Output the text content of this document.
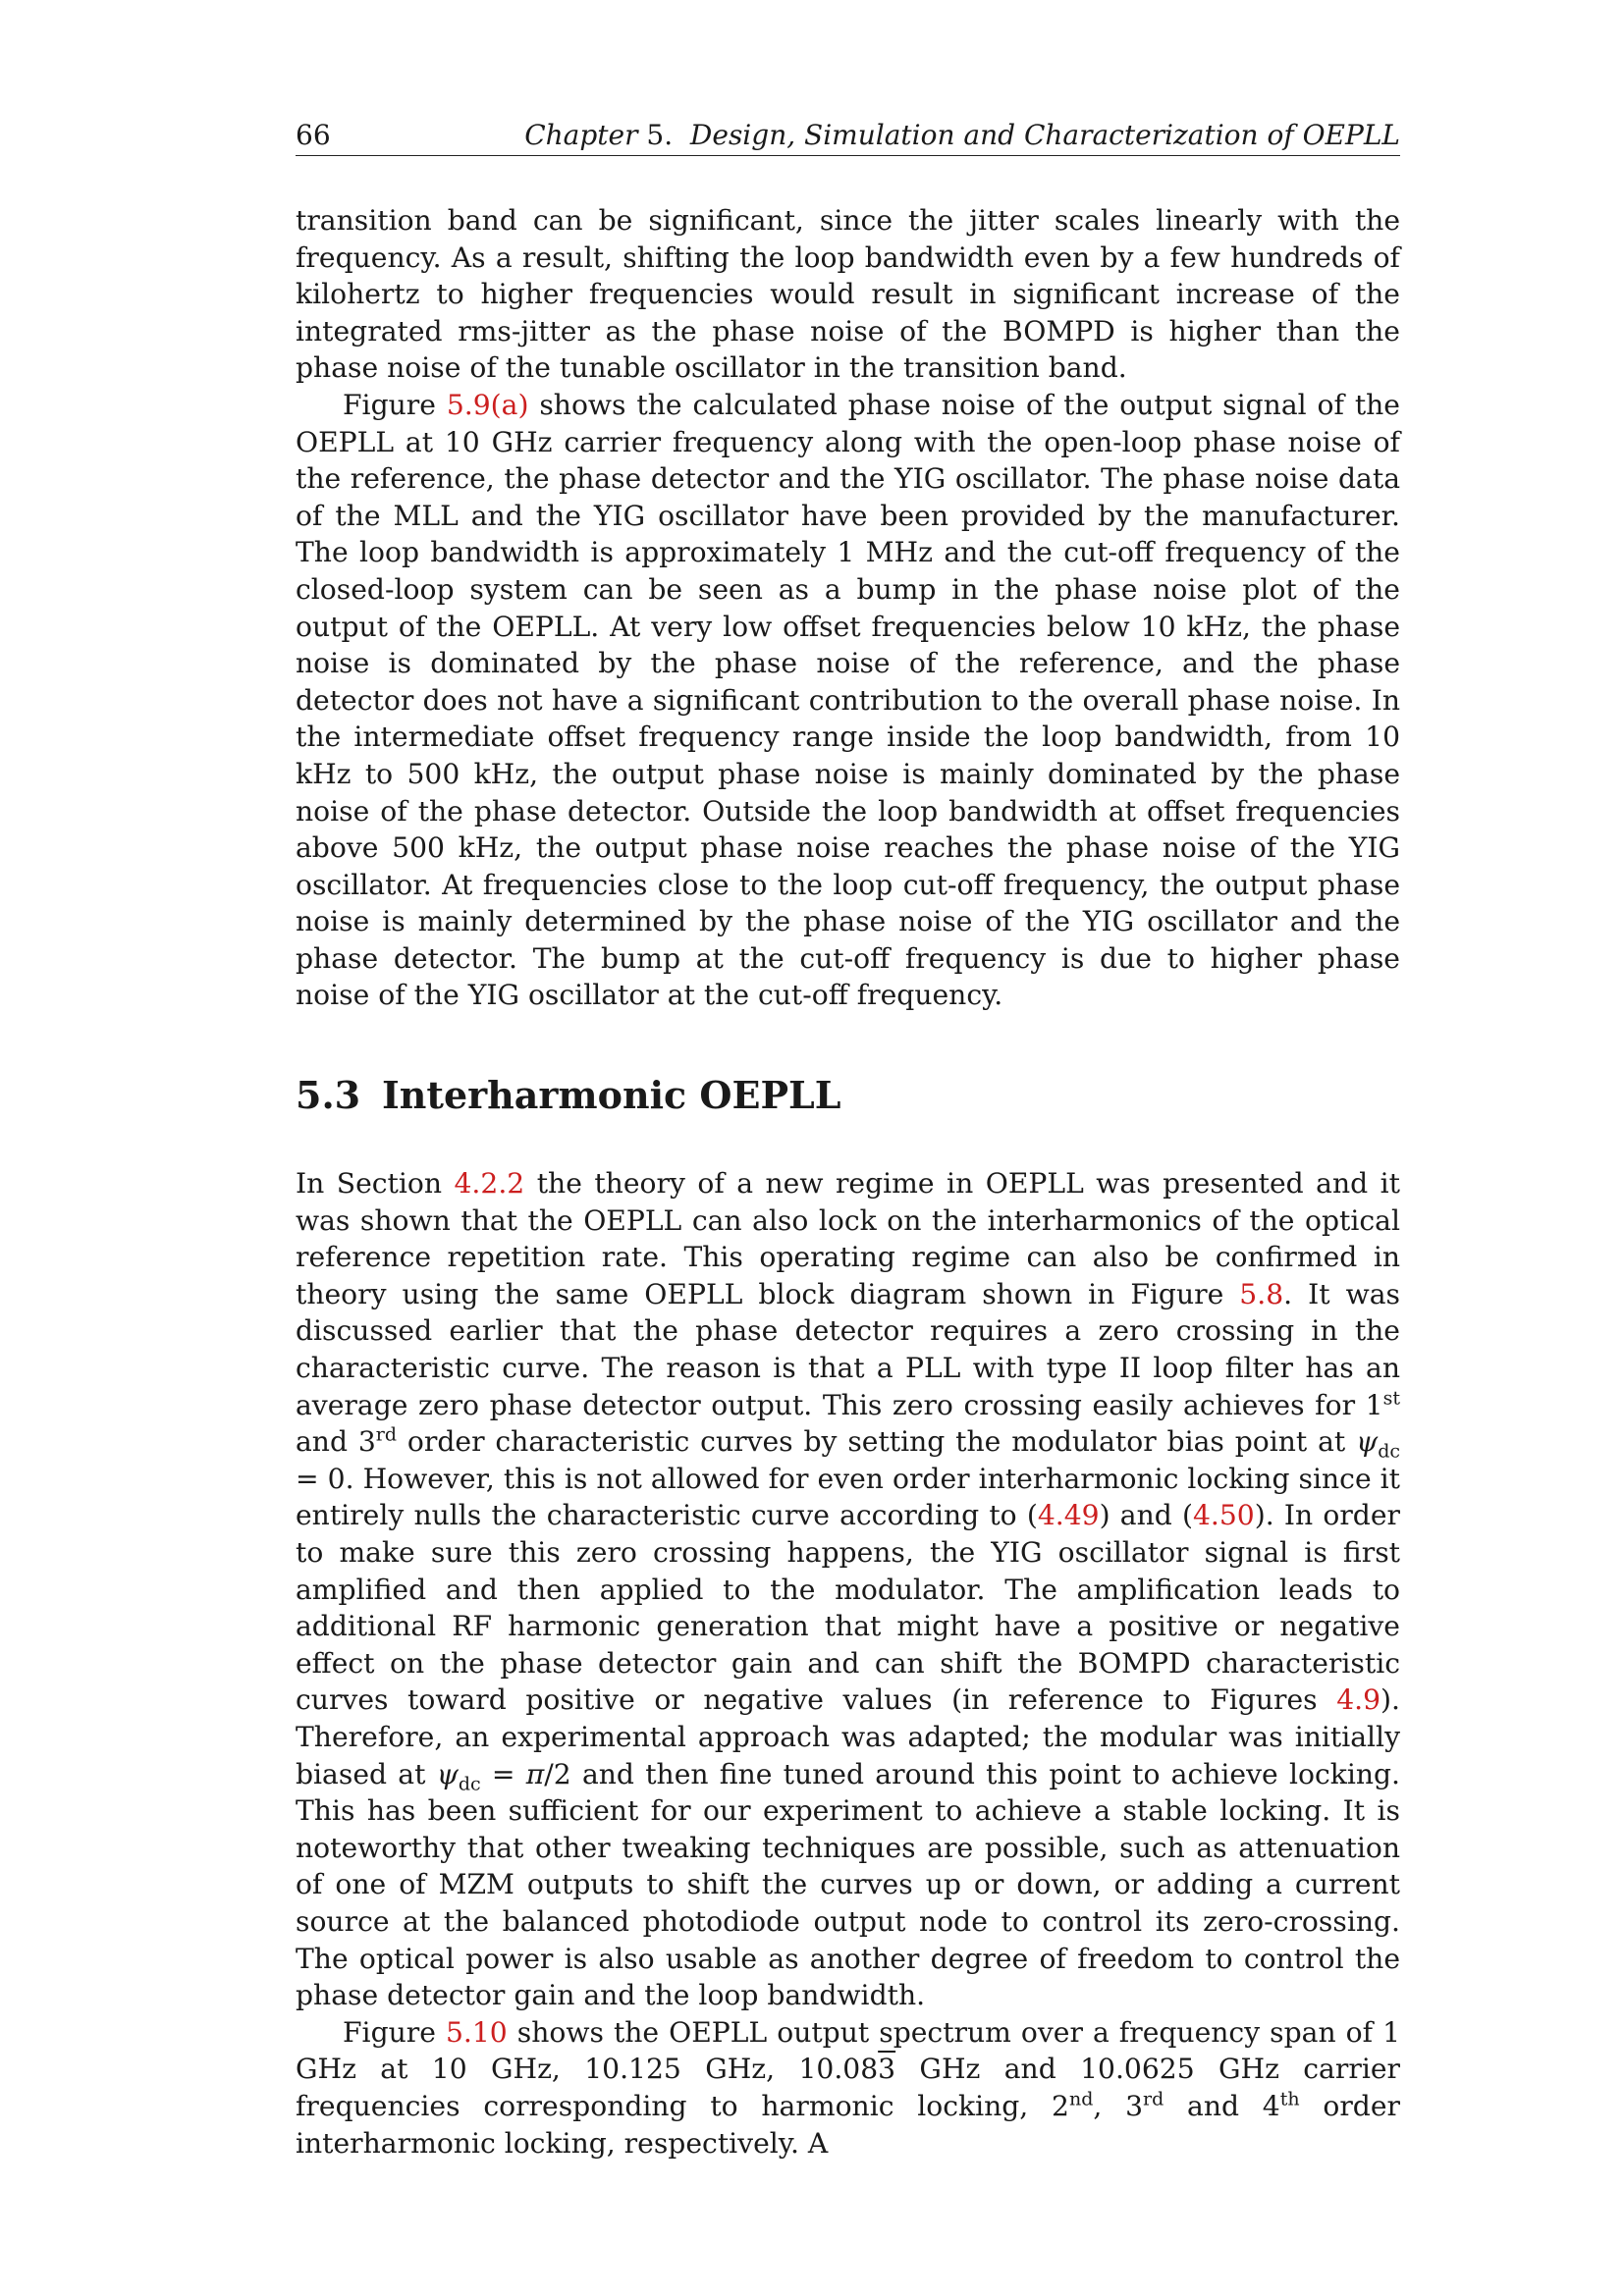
66	Chapter 5. Design, Simulation and Characterization of OEPLL

transition band can be significant, since the jitter scales linearly with the frequency. As a result, shifting the loop bandwidth even by a few hundreds of kilohertz to higher frequencies would result in significant increase of the integrated rms-jitter as the phase noise of the BOMPD is higher than the phase noise of the tunable oscillator in the transition band.

Figure 5.9(a) shows the calculated phase noise of the output signal of the OEPLL at 10 GHz carrier frequency along with the open-loop phase noise of the reference, the phase detector and the YIG oscillator. The phase noise data of the MLL and the YIG oscillator have been provided by the manufacturer. The loop bandwidth is approximately 1 MHz and the cut-off frequency of the closed-loop system can be seen as a bump in the phase noise plot of the output of the OEPLL. At very low offset frequencies below 10 kHz, the phase noise is dominated by the phase noise of the reference, and the phase detector does not have a significant contribution to the overall phase noise. In the intermediate offset frequency range inside the loop bandwidth, from 10 kHz to 500 kHz, the output phase noise is mainly dominated by the phase noise of the phase detector. Outside the loop bandwidth at offset frequencies above 500 kHz, the output phase noise reaches the phase noise of the YIG oscillator. At frequencies close to the loop cut-off frequency, the output phase noise is mainly determined by the phase noise of the YIG oscillator and the phase detector. The bump at the cut-off frequency is due to higher phase noise of the YIG oscillator at the cut-off frequency.

5.3 Interharmonic OEPLL

In Section 4.2.2 the theory of a new regime in OEPLL was presented and it was shown that the OEPLL can also lock on the interharmonics of the optical reference repetition rate. This operating regime can also be confirmed in theory using the same OEPLL block diagram shown in Figure 5.8. It was discussed earlier that the phase detector requires a zero crossing in the characteristic curve. The reason is that a PLL with type II loop filter has an average zero phase detector output. This zero crossing easily achieves for 1st and 3rd order characteristic curves by setting the modulator bias point at $\psi_{dc} = 0$. However, this is not allowed for even order interharmonic locking since it entirely nulls the characteristic curve according to (4.49) and (4.50). In order to make sure this zero crossing happens, the YIG oscillator signal is first amplified and then applied to the modulator. The amplification leads to additional RF harmonic generation that might have a positive or negative effect on the phase detector gain and can shift the BOMPD characteristic curves toward positive or negative values (in reference to Figures 4.9). Therefore, an experimental approach was adapted; the modular was initially biased at $\psi_{dc} = \pi/2$ and then fine tuned around this point to achieve locking. This has been sufficient for our experiment to achieve a stable locking. It is noteworthy that other tweaking techniques are possible, such as attenuation of one of MZM outputs to shift the curves up or down, or adding a current source at the balanced photodiode output node to control its zero-crossing. The optical power is also usable as another degree of freedom to control the phase detector gain and the loop bandwidth.

Figure 5.10 shows the OEPLL output spectrum over a frequency span of 1 GHz at 10 GHz, 10.125 GHz, 10.083 GHz and 10.0625 GHz carrier frequencies corresponding to harmonic locking, 2nd, 3rd and 4th order interharmonic locking, respectively. A
